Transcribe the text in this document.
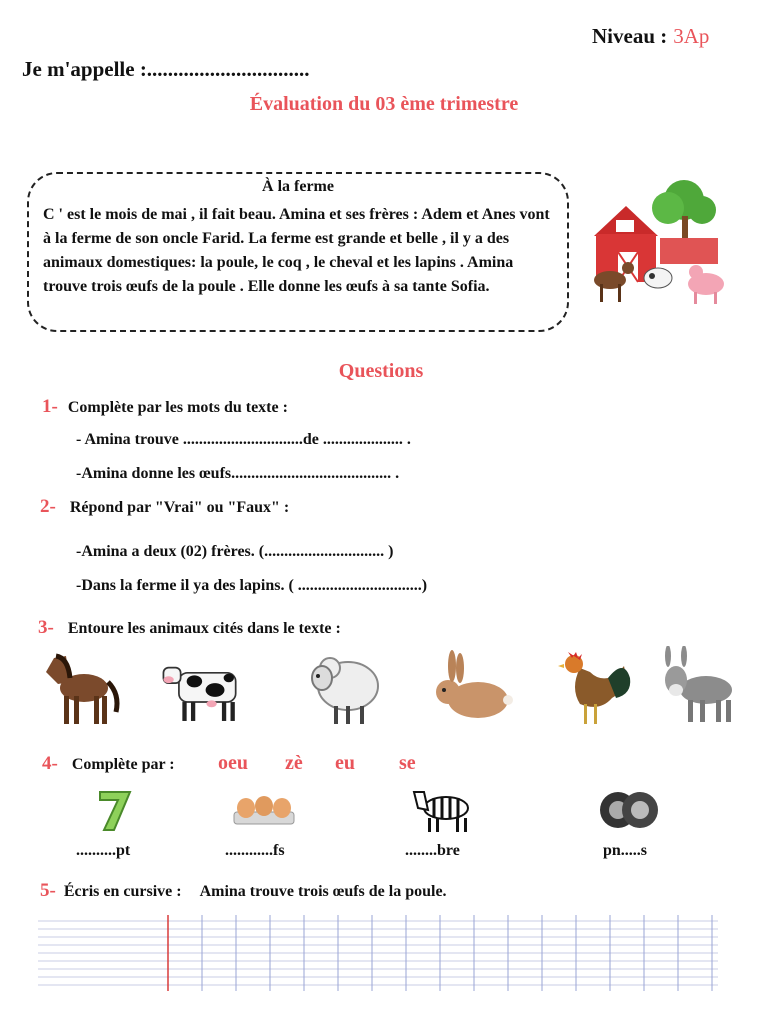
Niveau : 3Ap
Je m'appelle :...............................
Évaluation du 03 ème trimestre
À la ferme
C ' est le mois de mai , il fait beau. Amina et ses frères : Adem et Anes vont à la ferme de son oncle Farid. La ferme est grande et belle , il y a des animaux domestiques: la poule, le coq , le cheval et les lapins . Amina trouve trois œufs de la poule . Elle donne les œufs à sa tante Sofia.
Questions
1- Complète par les mots du texte :
- Amina trouve ..............................de .................... .
-Amina donne les œufs........................................ .
2- Répond par "Vrai" ou "Faux" :
-Amina a deux (02) frères. (.............................. )
-Dans la ferme il ya des lapins. ( ...............................)
3- Entoure les animaux cités dans le texte :
4- Complète par : oeu zè eu se
..........pt	............fs	........bre	pn.....s
5- Écris en cursive : Amina trouve trois œufs de la poule.
